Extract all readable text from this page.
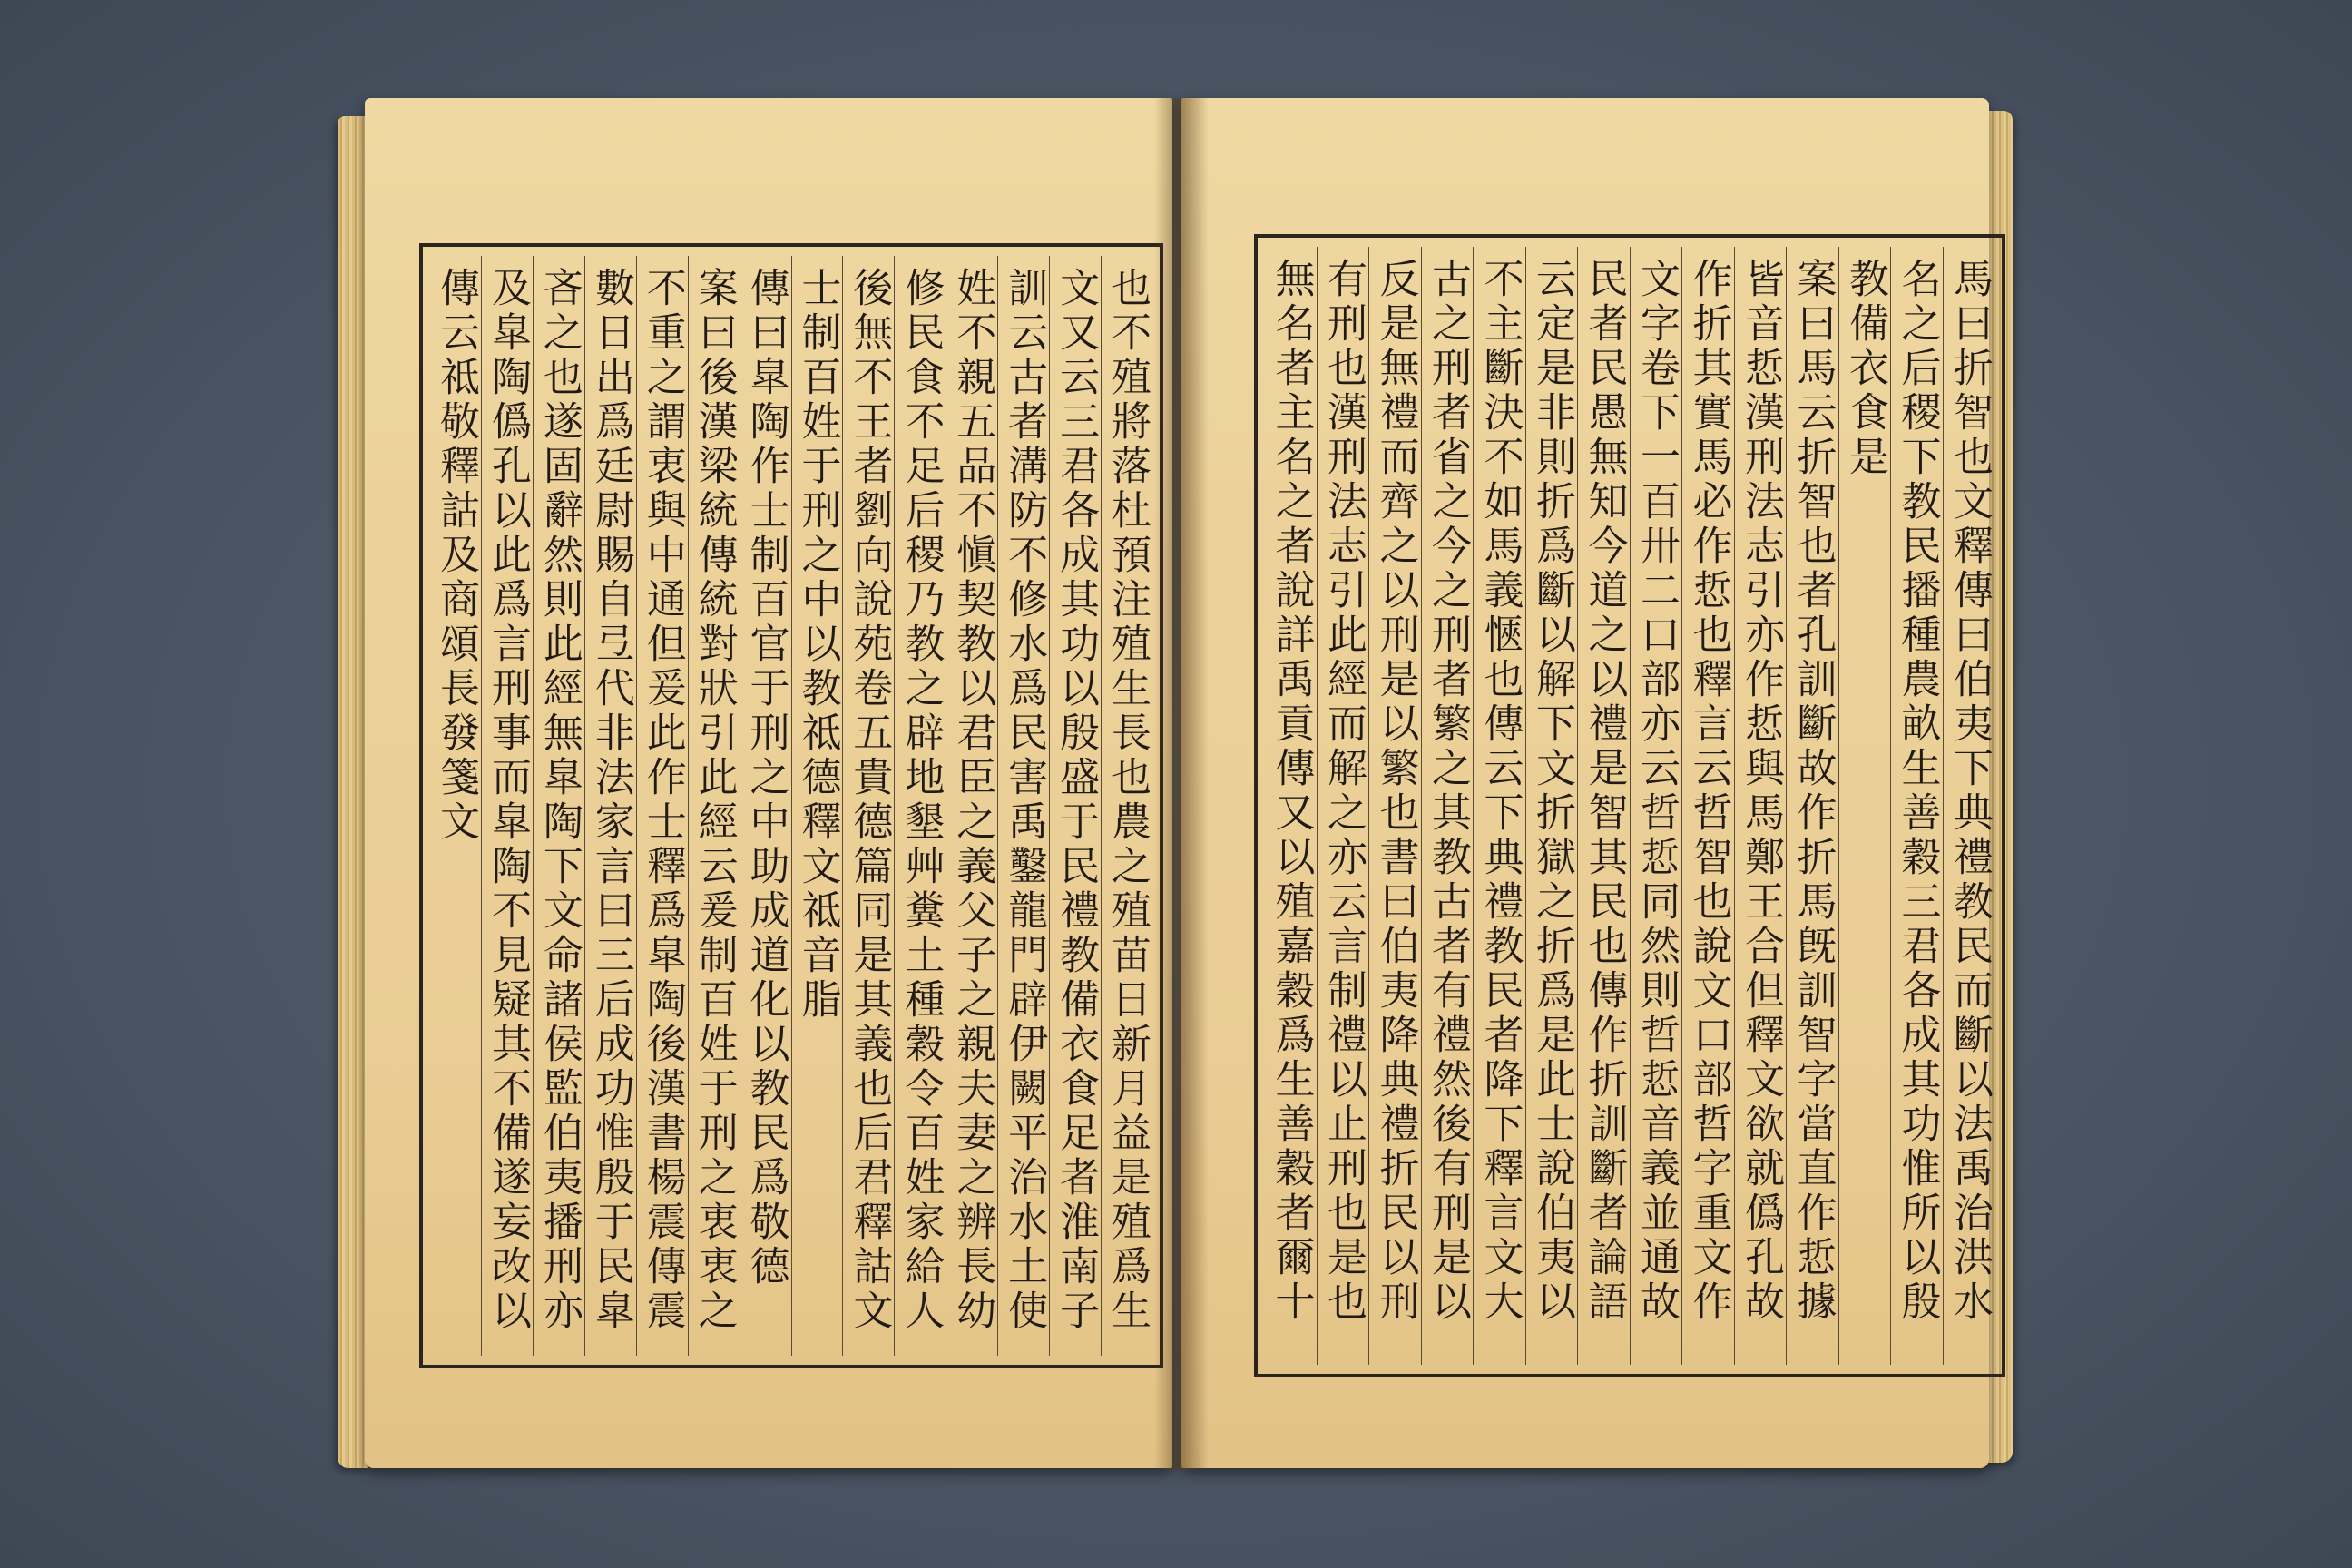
也不殖將落杜預注殖生長也農之殖苗日新月益是殖爲生
文又云三君各成其功以殷盛于民禮教備衣食足者淮南子
訓云古者溝防不修水爲民害禹鑿龍門辟伊闕平治水土使
姓不親五品不愼契教以君臣之義父子之親夫妻之辨長幼
修民食不足后稷乃教之辟地墾艸糞土種穀令百姓家給人
後無不王者劉向說苑卷五貴德篇同是其義也后君釋詁文
士制百姓于刑之中以教祗德釋文祗音脂
傳曰皐陶作士制百官于刑之中助成道化以教民爲敬德
案曰後漢梁統傳統對狀引此經云爰制百姓于刑之衷衷之
不重之謂衷與中通但爰此作士釋爲皐陶後漢書楊震傳震
數日出爲廷尉賜自弖代非法家言曰三后成功惟殷于民皐
吝之也遂固辭然則此經無皐陶下文命諸侯監伯夷播刑亦
及皐陶僞孔以此爲言刑事而皐陶不見疑其不備遂妄改以
傳云祗敬釋詁及商頌長發箋文	馬曰折智也文釋傳曰伯夷下典禮教民而斷以法禹治洪水
名之后稷下教民播種農畝生善穀三君各成其功惟所以殷
教備衣食是
案曰馬云折智也者孔訓斷故作折馬旣訓智字當直作悊據
皆音悊漢刑法志引亦作悊與馬鄭王合但釋文欲就僞孔故
作折其實馬必作悊也釋言云哲智也說文口部哲字重文作
文字卷下一百卅二口部亦云哲悊同然則哲悊音義並通故
民者民愚無知今道之以禮是智其民也傳作折訓斷者論語
云定是非則折爲斷以解下文折獄之折爲是此士說伯夷以
不主斷決不如馬義愜也傳云下典禮教民者降下釋言文大
古之刑者省之今之刑者繁之其教古者有禮然後有刑是以
反是無禮而齊之以刑是以繁也書曰伯夷降典禮折民以刑
有刑也漢刑法志引此經而解之亦云言制禮以止刑也是也
無名者主名之者說詳禹貢傳又以殖嘉穀爲生善穀者爾十
